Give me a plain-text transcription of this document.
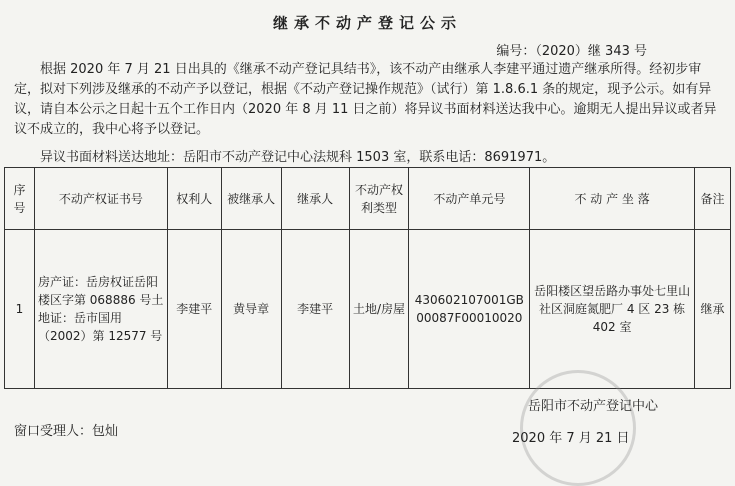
继承不动产登记公示
编号：（2020）继 343 号
根据 2020 年 7 月 21 日出具的《继承不动产登记具结书》，该不动产由继承人李建平通过遗产继承所得。经初步审定，拟对下列涉及继承的不动产予以登记，根据《不动产登记操作规范》（试行）第 1.8.6.1 条的规定，现予公示。如有异议，请自本公示之日起十五个工作日内（2020 年 8 月 11 日之前）将异议书面材料送达我中心。逾期无人提出异议或者异议不成立的，我中心将予以登记。
异议书面材料送达地址：岳阳市不动产登记中心法规科 1503 室，联系电话：8691971。
序号	不动产权证书号	权利人	被继承人	继承人	不动产权利类型	不动产单元号	不 动 产 坐 落	备注
1	房产证：岳房权证岳阳楼区字第 068886 号土地证：岳市国用（2002）第 12577 号	李建平	黄导章	李建平	土地/房屋	430602107001GB00087F00010020	岳阳楼区望岳路办事处七里山社区洞庭氮肥厂 4 区 23 栋 402 室	继承
岳阳市不动产登记中心
2020 年 7 月 21 日
窗口受理人：包灿
